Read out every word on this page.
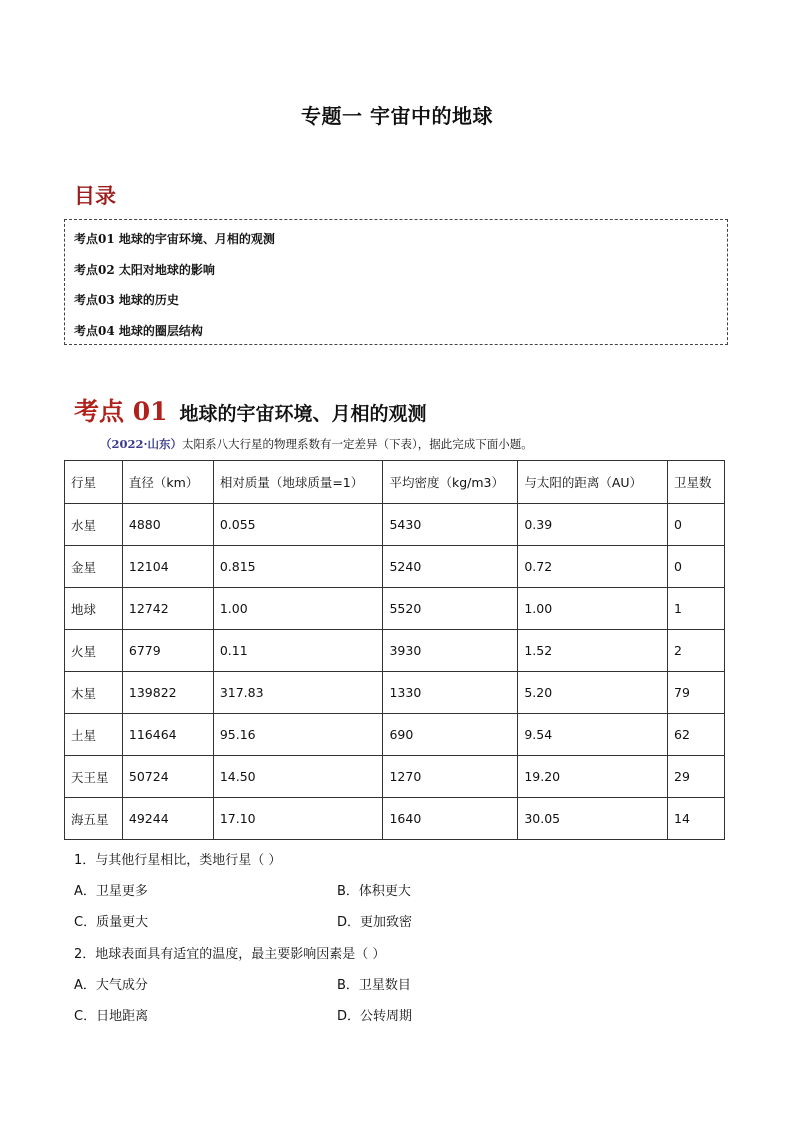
专题一 宇宙中的地球
目录
考点01 地球的宇宙环境、月相的观测
考点02 太阳对地球的影响
考点03 地球的历史
考点04 地球的圈层结构
考点 01 地球的宇宙环境、月相的观测
（2022·山东）太阳系八大行星的物理系数有一定差异（下表），据此完成下面小题。
行星	直径（km）	相对质量（地球质量=1）	平均密度（kg/m3）	与太阳的距离（AU）	卫星数
水星	4880	0.055	5430	0.39	0
金星	12104	0.815	5240	0.72	0
地球	12742	1.00	5520	1.00	1
火星	6779	0.11	3930	1.52	2
木星	139822	317.83	1330	5.20	79
土星	116464	95.16	690	9.54	62
天王星	50724	14.50	1270	19.20	29
海五星	49244	17.10	1640	30.05	14
1．与其他行星相比，类地行星（ ）
A．卫星更多	B．体积更大
C．质量更大	D．更加致密
2．地球表面具有适宜的温度，最主要影响因素是（ ）
A．大气成分	B．卫星数目
C．日地距离	D．公转周期
